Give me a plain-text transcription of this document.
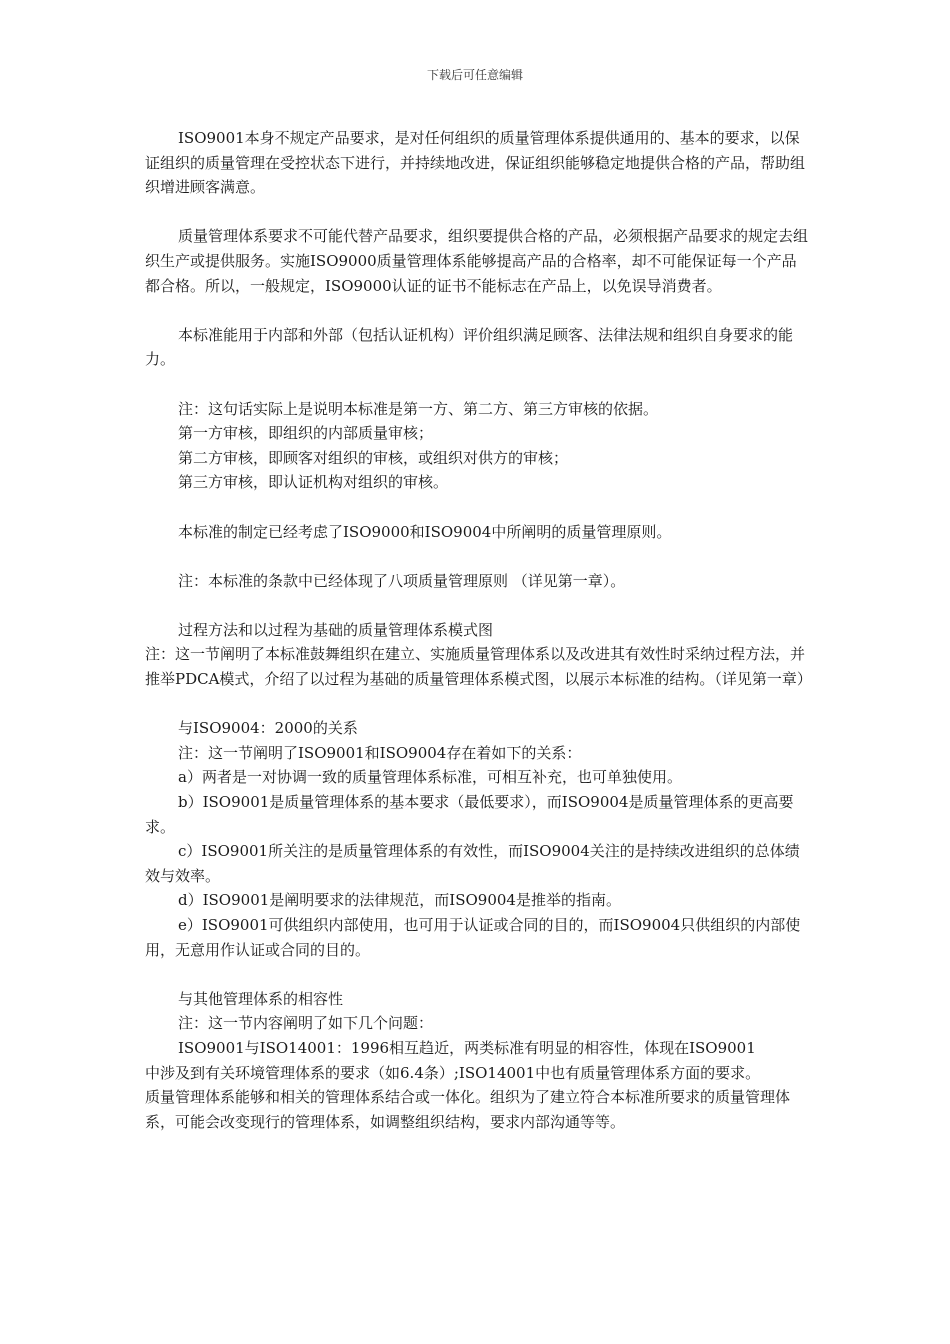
下载后可任意编辑

ISO9001本身不规定产品要求，是对任何组织的质量管理体系提供通用的、基本的要求，以保证组织的质量管理在受控状态下进行，并持续地改进，保证组织能够稳定地提供合格的产品，帮助组织增进顾客满意。

质量管理体系要求不可能代替产品要求，组织要提供合格的产品，必须根据产品要求的规定去组织生产或提供服务。实施ISO9000质量管理体系能够提高产品的合格率，却不可能保证每一个产品都合格。所以，一般规定，ISO9000认证的证书不能标志在产品上，以免误导消费者。

本标准能用于内部和外部（包括认证机构）评价组织满足顾客、法律法规和组织自身要求的能力。

注：这句话实际上是说明本标准是第一方、第二方、第三方审核的依据。

第一方审核，即组织的内部质量审核；

第二方审核，即顾客对组织的审核，或组织对供方的审核；

第三方审核，即认证机构对组织的审核。

本标准的制定已经考虑了ISO9000和ISO9004中所阐明的质量管理原则。

注：本标准的条款中已经体现了八项质量管理原则 （详见第一章）。

过程方法和以过程为基础的质量管理体系模式图

注：这一节阐明了本标准鼓舞组织在建立、实施质量管理体系以及改进其有效性时采纳过程方法，并推举PDCA模式，介绍了以过程为基础的质量管理体系模式图，以展示本标准的结构。（详见第一章）

与ISO9004：2000的关系

注：这一节阐明了ISO9001和ISO9004存在着如下的关系：

a）两者是一对协调一致的质量管理体系标准，可相互补充，也可单独使用。

b）ISO9001是质量管理体系的基本要求（最低要求），而ISO9004是质量管理体系的更高要求。

c）ISO9001所关注的是质量管理体系的有效性，而ISO9004关注的是持续改进组织的总体绩效与效率。

d）ISO9001是阐明要求的法律规范，而ISO9004是推举的指南。

e）ISO9001可供组织内部使用，也可用于认证或合同的目的，而ISO9004只供组织的内部使用，无意用作认证或合同的目的。

与其他管理体系的相容性

注：这一节内容阐明了如下几个问题：

ISO9001与ISO14001：1996相互趋近，两类标准有明显的相容性，体现在ISO9001

中涉及到有关环境管理体系的要求（如6.4条）;ISO14001中也有质量管理体系方面的要求。

质量管理体系能够和相关的管理体系结合或一体化。组织为了建立符合本标准所要求的质量管理体系，可能会改变现行的管理体系，如调整组织结构，要求内部沟通等等。
